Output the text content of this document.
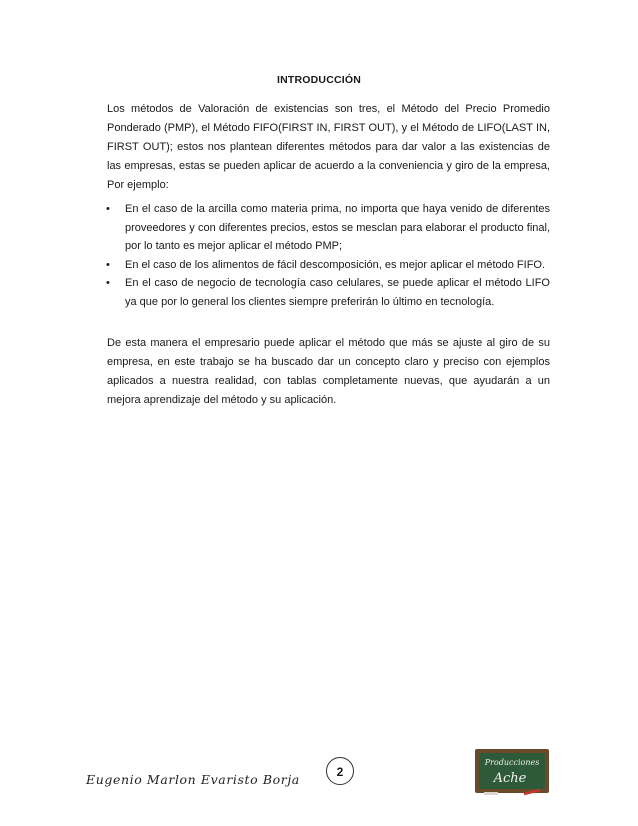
INTRODUCCIÓN

Los métodos de Valoración de existencias son tres, el Método del Precio Promedio Ponderado (PMP), el Método FIFO(FIRST IN, FIRST OUT), y el Método de LIFO(LAST IN, FIRST OUT); estos nos plantean diferentes métodos para dar valor a las existencias de las empresas, estas se pueden aplicar de acuerdo a la conveniencia y giro de la empresa, Por ejemplo:

• En el caso de la arcilla como materia prima, no importa que haya venido de diferentes proveedores y con diferentes precios, estos se mesclan para elaborar el producto final, por lo tanto es mejor aplicar el método PMP;
• En el caso de los alimentos de fácil descomposición, es mejor aplicar el método FIFO.
• En el caso de negocio de tecnología caso celulares, se puede aplicar el método LIFO ya que por lo general los clientes siempre preferirán lo último en tecnología.

De esta manera el empresario puede aplicar el método que más se ajuste al giro de su empresa, en este trabajo se ha buscado dar un concepto claro y preciso con ejemplos aplicados a nuestra realidad, con tablas completamente nuevas, que ayudarán a un mejora aprendizaje del método y su aplicación.

Eugenio Marlon Evaristo Borja	2
Producciones
Ache
